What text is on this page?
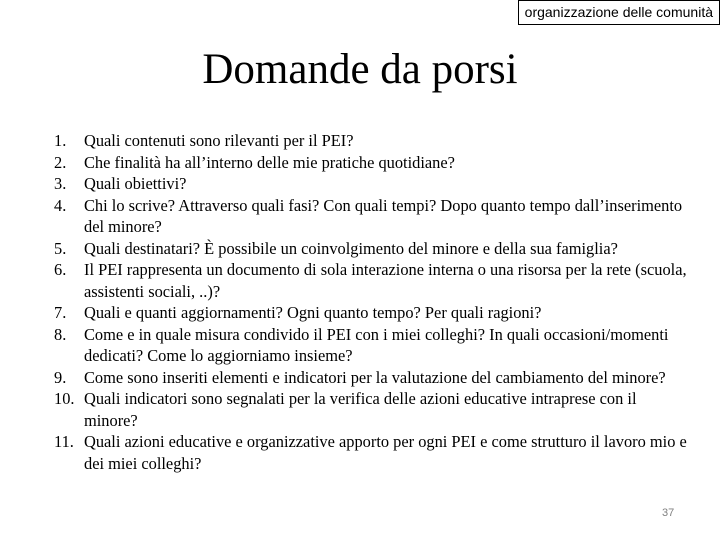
organizzazione delle comunità
Domande da porsi
1.	Quali contenuti sono rilevanti per il PEI?
2.	Che finalità ha all’interno delle mie pratiche quotidiane?
3.	Quali obiettivi?
4.	Chi lo scrive? Attraverso quali fasi? Con quali tempi? Dopo quanto tempo dall’inserimento del minore?
5.	Quali destinatari? È possibile un coinvolgimento del minore e della sua famiglia?
6.	Il PEI rappresenta un documento di sola interazione interna o una risorsa per la rete (scuola, assistenti sociali, ..)?
7.	Quali e quanti aggiornamenti? Ogni quanto tempo? Per quali ragioni?
8.	Come e in quale misura condivido il PEI con i miei colleghi? In quali occasioni/momenti dedicati? Come lo aggiorniamo insieme?
9.	Come sono inseriti elementi e indicatori per la valutazione del cambiamento del minore?
10. Quali indicatori sono segnalati per la verifica delle azioni educative intraprese con il minore?
11. Quali azioni educative e organizzative apporto per ogni PEI e come strutturo il lavoro mio e dei miei colleghi?
37
